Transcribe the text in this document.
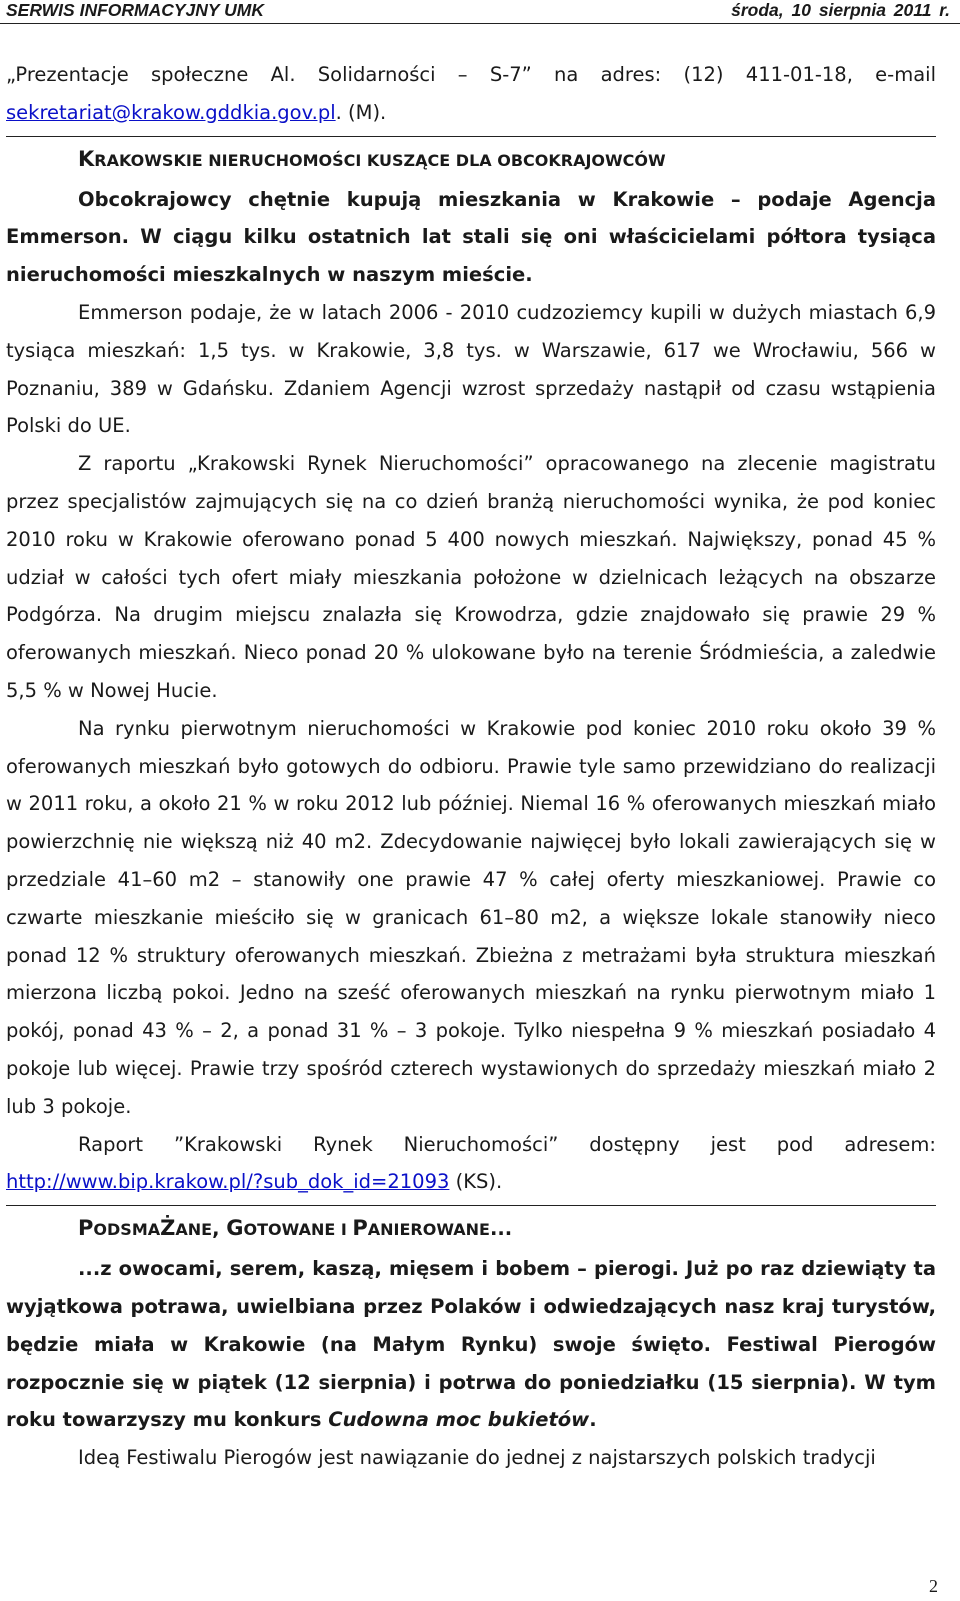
SERWIS INFORMACYJNY UMK	środa, 10 sierpnia 2011 r.

„Prezentacje społeczne Al. Solidarności – S-7” na adres: (12) 411-01-18, e-mail sekretariat@krakow.gddkia.gov.pl. (M).

KRAKOWSKIE NIERUCHOMOŚCI KUSZĄCE DLA OBCOKRAJOWCÓW

Obcokrajowcy chętnie kupują mieszkania w Krakowie – podaje Agencja Emmerson. W ciągu kilku ostatnich lat stali się oni właścicielami półtora tysiąca nieruchomości mieszkalnych w naszym mieście.

Emmerson podaje, że w latach 2006 - 2010 cudzoziemcy kupili w dużych miastach 6,9 tysiąca mieszkań: 1,5 tys. w Krakowie, 3,8 tys. w Warszawie, 617 we Wrocławiu, 566 w Poznaniu, 389 w Gdańsku. Zdaniem Agencji wzrost sprzedaży nastąpił od czasu wstąpienia Polski do UE.

Z raportu „Krakowski Rynek Nieruchomości” opracowanego na zlecenie magistratu przez specjalistów zajmujących się na co dzień branżą nieruchomości wynika, że pod koniec 2010 roku w Krakowie oferowano ponad 5 400 nowych mieszkań. Największy, ponad 45 % udział w całości tych ofert miały mieszkania położone w dzielnicach leżących na obszarze Podgórza. Na drugim miejscu znalazła się Krowodrza, gdzie znajdowało się prawie 29 % oferowanych mieszkań. Nieco ponad 20 % ulokowane było na terenie Śródmieścia, a zaledwie 5,5 % w Nowej Hucie.

Na rynku pierwotnym nieruchomości w Krakowie pod koniec 2010 roku około 39 % oferowanych mieszkań było gotowych do odbioru. Prawie tyle samo przewidziano do realizacji w 2011 roku, a około 21 % w roku 2012 lub później. Niemal 16 % oferowanych mieszkań miało powierzchnię nie większą niż 40 m2. Zdecydowanie najwięcej było lokali zawierających się w przedziale 41–60 m2 – stanowiły one prawie 47 % całej oferty mieszkaniowej. Prawie co czwarte mieszkanie mieściło się w granicach 61–80 m2, a większe lokale stanowiły nieco ponad 12 % struktury oferowanych mieszkań. Zbieżna z metrażami była struktura mieszkań mierzona liczbą pokoi. Jedno na sześć oferowanych mieszkań na rynku pierwotnym miało 1 pokój, ponad 43 % – 2, a ponad 31 % – 3 pokoje. Tylko niespełna 9 % mieszkań posiadało 4 pokoje lub więcej. Prawie trzy spośród czterech wystawionych do sprzedaży mieszkań miało 2 lub 3 pokoje.

Raport ”Krakowski Rynek Nieruchomości” dostępny jest pod adresem: http://www.bip.krakow.pl/?sub_dok_id=21093 (KS).

PODSMAŻANE, GOTOWANE I PANIEROWANE...

...z owocami, serem, kaszą, mięsem i bobem – pierogi. Już po raz dziewiąty ta wyjątkowa potrawa, uwielbiana przez Polaków i odwiedzających nasz kraj turystów, będzie miała w Krakowie (na Małym Rynku) swoje święto. Festiwal Pierogów rozpocznie się w piątek (12 sierpnia) i potrwa do poniedziałku (15 sierpnia). W tym roku towarzyszy mu konkurs Cudowna moc bukietów.

Ideą Festiwalu Pierogów jest nawiązanie do jednej z najstarszych polskich tradycji

2
